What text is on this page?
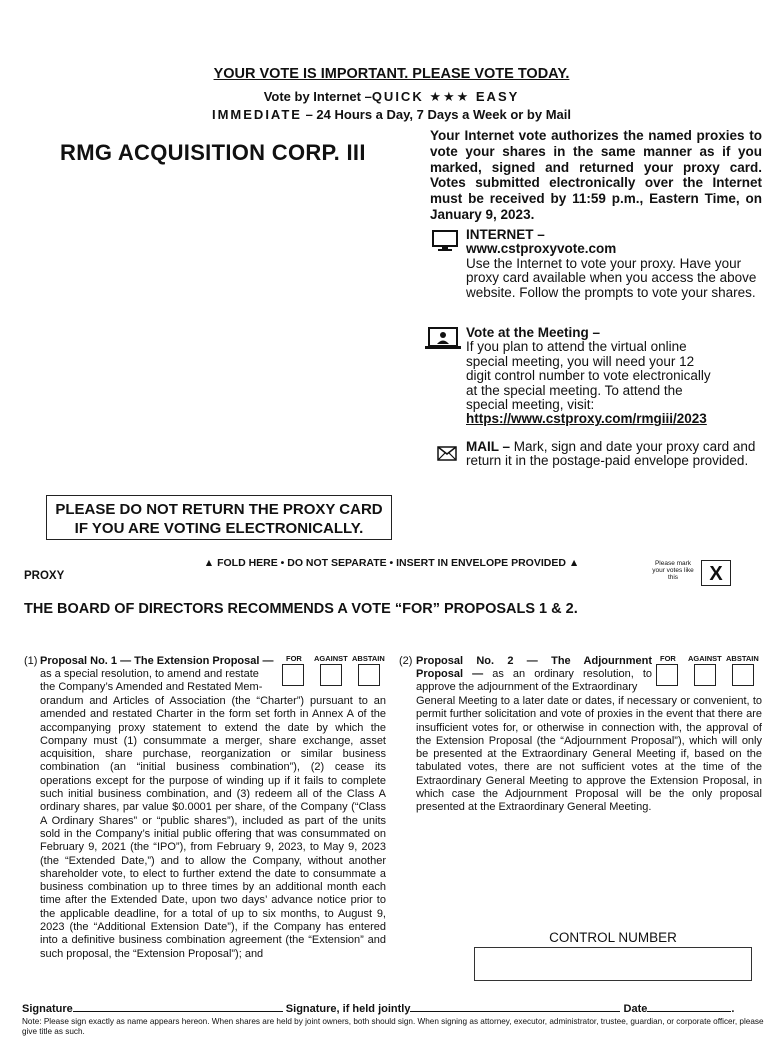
YOUR VOTE IS IMPORTANT. PLEASE VOTE TODAY.
Vote by Internet –QUICK ★★★ EASY
IMMEDIATE – 24 Hours a Day, 7 Days a Week or by Mail
RMG ACQUISITION CORP. III
Your Internet vote authorizes the named proxies to vote your shares in the same manner as if you marked, signed and returned your proxy card. Votes submitted electronically over the Internet must be received by 11:59 p.m., Eastern Time, on January 9, 2023.
INTERNET –
www.cstproxyvote.com
Use the Internet to vote your proxy. Have your proxy card available when you access the above website. Follow the prompts to vote your shares.
Vote at the Meeting –
If you plan to attend the virtual online special meeting, you will need your 12 digit control number to vote electronically at the special meeting. To attend the special meeting, visit:
https://www.cstproxy.com/rmgiii/2023
MAIL – Mark, sign and date your proxy card and return it in the postage-paid envelope provided.
PLEASE DO NOT RETURN THE PROXY CARD
IF YOU ARE VOTING ELECTRONICALLY.
▲ FOLD HERE • DO NOT SEPARATE • INSERT IN ENVELOPE PROVIDED ▲
PROXY
Please mark your votes like this	X
THE BOARD OF DIRECTORS RECOMMENDS A VOTE “FOR” PROPOSALS 1 & 2.
FOR AGAINST ABSTAIN
(1) Proposal No. 1 — The Extension Proposal —
as a special resolution, to amend and restate the Company’s Amended and Restated Mem-
orandum and Articles of Association (the “Charter”) pursuant to an amended and restated Charter in the form set forth in Annex A of the accompanying proxy statement to extend the date by which the Company must (1) consummate a merger, share exchange, asset acquisition, share purchase, reorganization or similar business combination (an “initial business combination”), (2) cease its operations except for the purpose of winding up if it fails to complete such initial business combination, and (3) redeem all of the Class A ordinary shares, par value $0.0001 per share, of the Company (“Class A Ordinary Shares” or “public shares”), included as part of the units sold in the Company’s initial public offering that was consummated on February 9, 2021 (the “IPO”), from February 9, 2023, to May 9, 2023 (the “Extended Date,”) and to allow the Company, without another shareholder vote, to elect to further extend the date to consummate a business combination up to three times by an additional month each time after the Extended Date, upon two days’ advance notice prior to the applicable deadline, for a total of up to six months, to August 9, 2023 (the “Additional Extension Date”), if the Company has entered into a definitive business combination agreement (the “Extension” and such proposal, the “Extension Proposal”); and
FOR AGAINST ABSTAIN
(2) Proposal No. 2 — The Adjournment
Proposal — as an ordinary resolution, to approve the adjournment of the Extraordinary
General Meeting to a later date or dates, if necessary or convenient, to permit further solicitation and vote of proxies in the event that there are insufficient votes for, or otherwise in connection with, the approval of the Extension Proposal (the “Adjournment Proposal”), which will only be presented at the Extraordinary General Meeting if, based on the tabulated votes, there are not sufficient votes at the time of the Extraordinary General Meeting to approve the Extension Proposal, in which case the Adjournment Proposal will be the only proposal presented at the Extraordinary General Meeting.
CONTROL NUMBER
Signature	Signature, if held jointly	Date	.
Note: Please sign exactly as name appears hereon. When shares are held by joint owners, both should sign. When signing as attorney, executor, administrator, trustee, guardian, or corporate officer, please give title as such.
